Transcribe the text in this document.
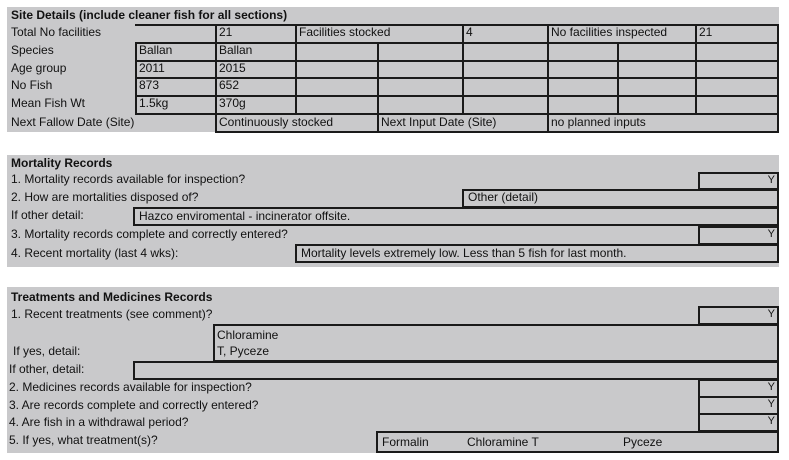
Site Details (include cleaner fish for all sections)
Total No facilities	21	Facilities stocked	4	No facilities inspected	21
Species	Ballan	Ballan
Age group	2011	2015
No Fish	873	652
Mean Fish Wt	1.5kg	370g
Next Fallow Date (Site)	Continuously stocked	Next Input Date (Site)	no planned inputs
Mortality Records
1. Mortality records available for inspection?	Y
2. How are mortalities disposed of?	Other (detail)
If other detail:	Hazco enviromental - incinerator offsite.
3. Mortality records complete and correctly entered?	Y
4. Recent mortality (last 4 wks):	Mortality levels extremely low. Less than 5 fish for last month.
Treatments and Medicines Records
1. Recent treatments (see comment)?	Y
If yes, detail:
Chloramine
T, Pyceze
If other, detail:
2. Medicines records available for inspection?	Y
3. Are records complete and correctly entered?	Y
4. Are fish in a withdrawal period?	Y
5. If yes, what treatment(s)?	Formalin	Chloramine T	Pyceze
